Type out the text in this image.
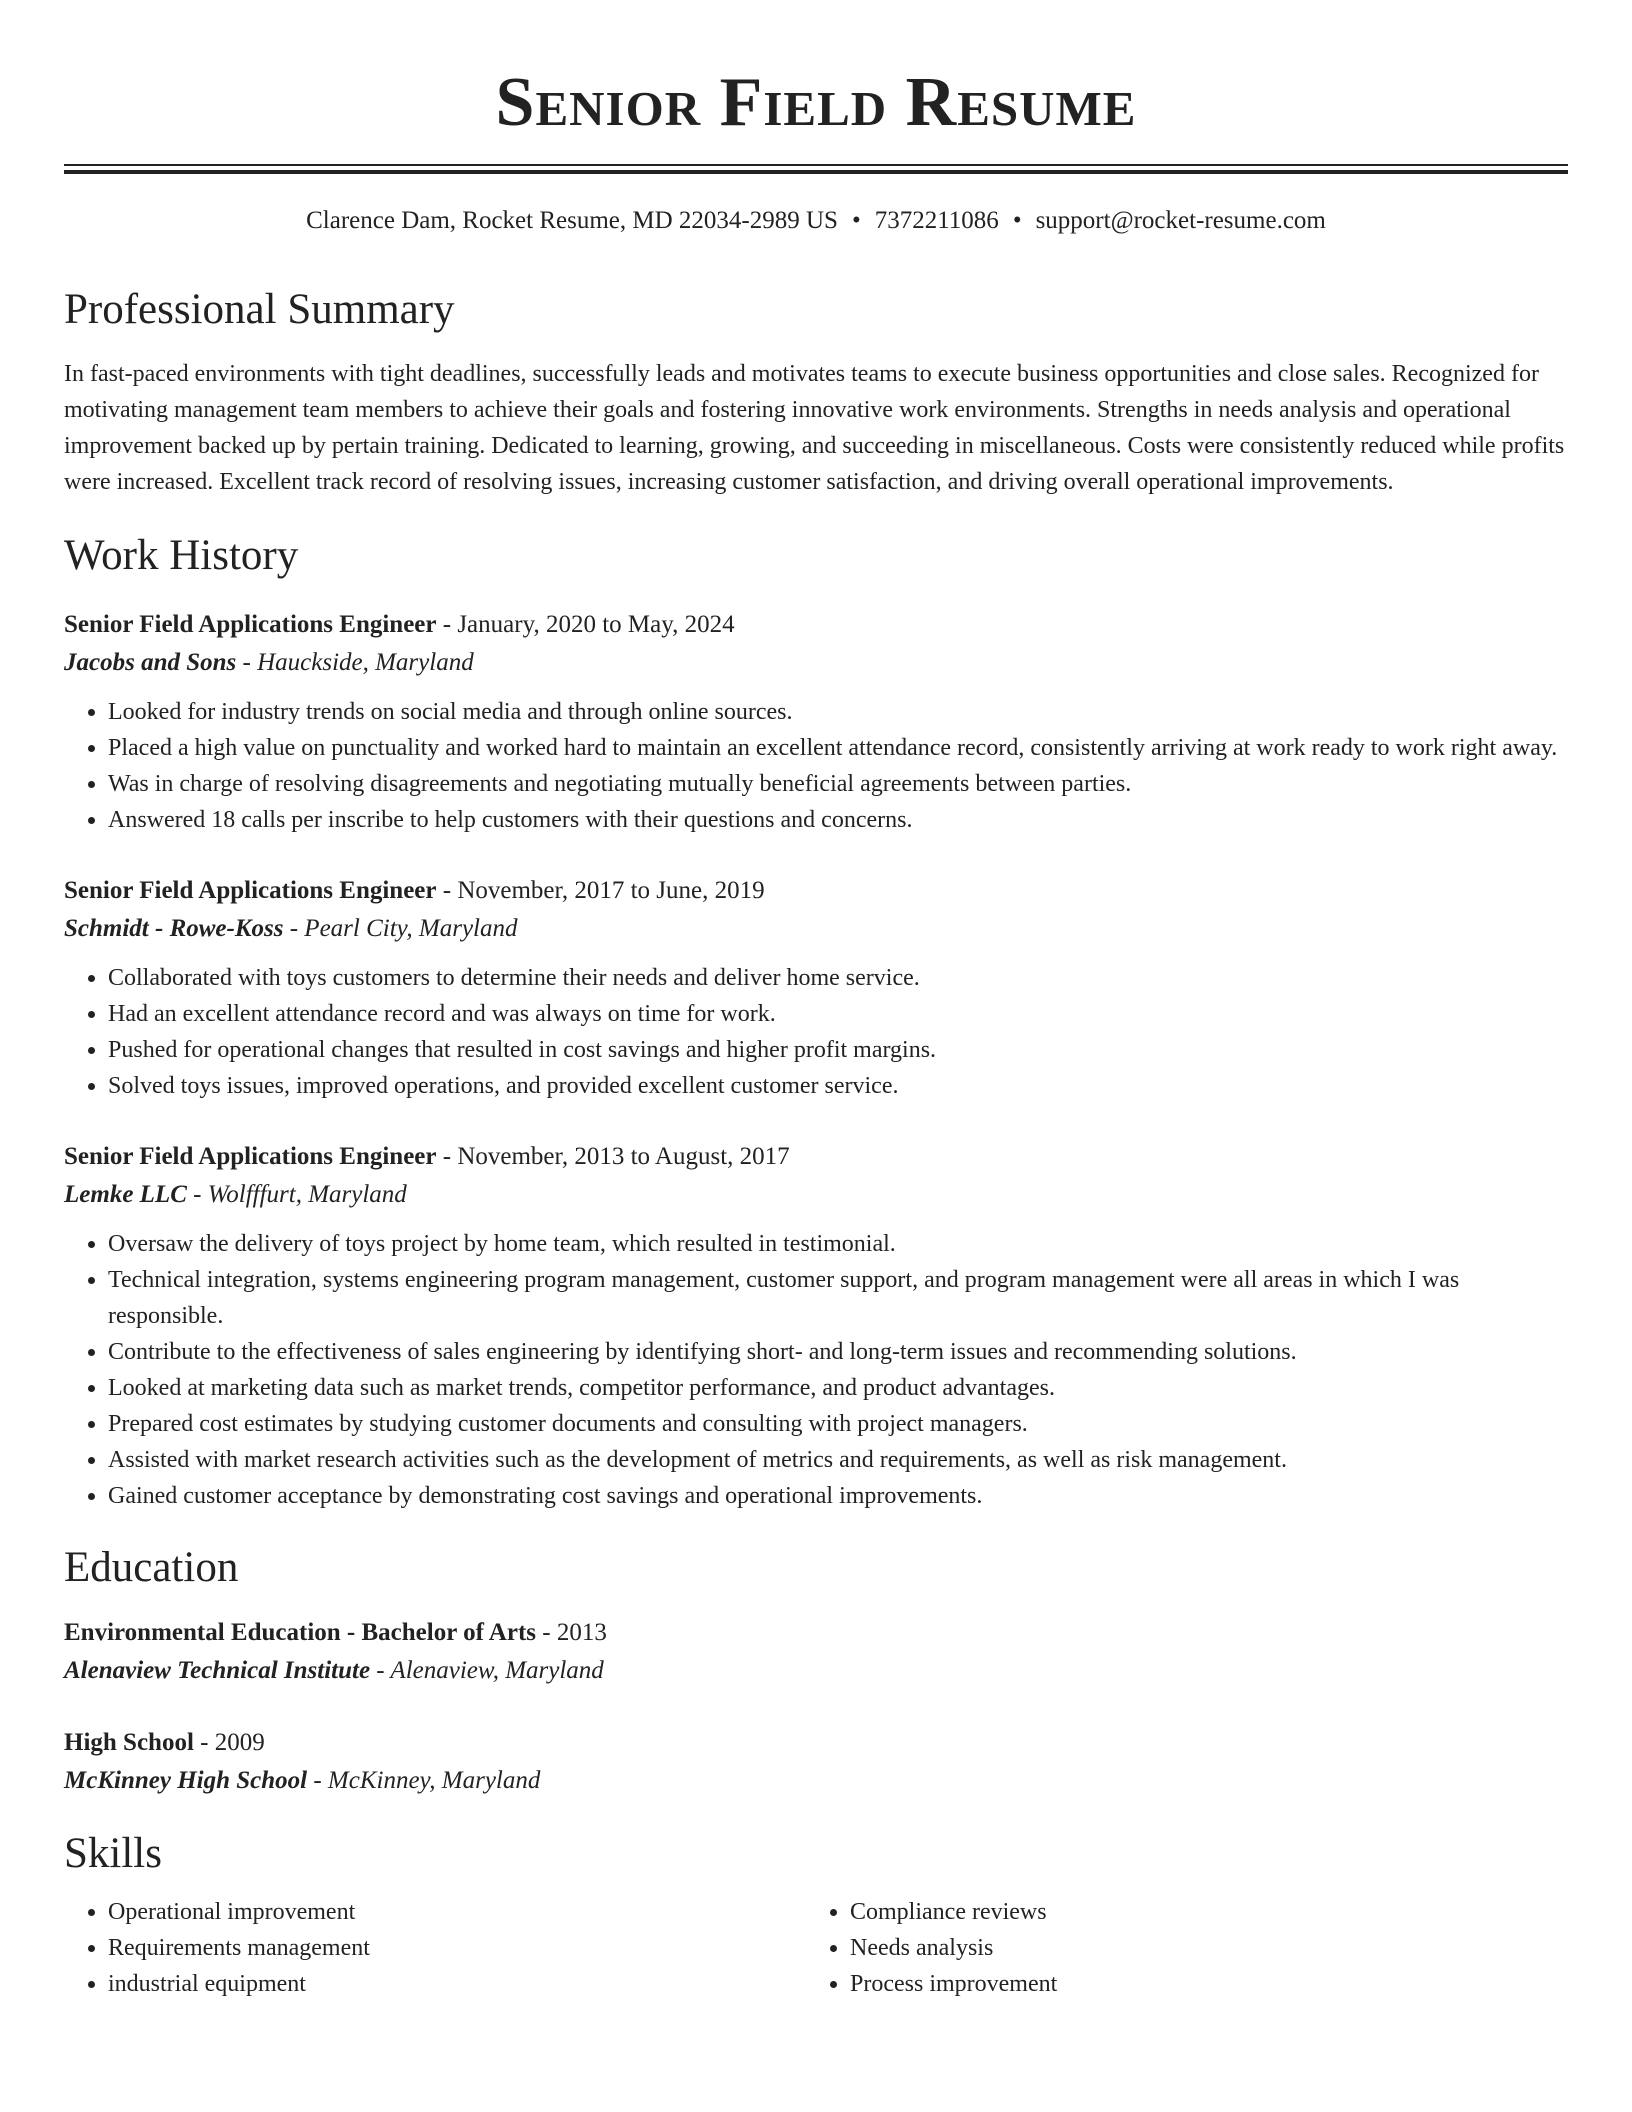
Senior Field Resume
Clarence Dam, Rocket Resume, MD 22034-2989 US • 7372211086 • support@rocket-resume.com
Professional Summary

In fast-paced environments with tight deadlines, successfully leads and motivates teams to execute business opportunities and close sales. Recognized for motivating management team members to achieve their goals and fostering innovative work environments. Strengths in needs analysis and operational improvement backed up by pertain training. Dedicated to learning, growing, and succeeding in miscellaneous. Costs were consistently reduced while profits were increased. Excellent track record of resolving issues, increasing customer satisfaction, and driving overall operational improvements.

Work History

Senior Field Applications Engineer - January, 2020 to May, 2024

Jacobs and Sons - Hauckside, Maryland

• Looked for industry trends on social media and through online sources.
• Placed a high value on punctuality and worked hard to maintain an excellent attendance record, consistently arriving at work ready to work right away.
• Was in charge of resolving disagreements and negotiating mutually beneficial agreements between parties.
• Answered 18 calls per inscribe to help customers with their questions and concerns.

Senior Field Applications Engineer - November, 2017 to June, 2019

Schmidt - Rowe-Koss - Pearl City, Maryland

• Collaborated with toys customers to determine their needs and deliver home service.
• Had an excellent attendance record and was always on time for work.
• Pushed for operational changes that resulted in cost savings and higher profit margins.
• Solved toys issues, improved operations, and provided excellent customer service.

Senior Field Applications Engineer - November, 2013 to August, 2017

Lemke LLC - Wolfffurt, Maryland

• Oversaw the delivery of toys project by home team, which resulted in testimonial.
• Technical integration, systems engineering program management, customer support, and program management were all areas in which I was responsible.
• Contribute to the effectiveness of sales engineering by identifying short- and long-term issues and recommending solutions.
• Looked at marketing data such as market trends, competitor performance, and product advantages.
• Prepared cost estimates by studying customer documents and consulting with project managers.
• Assisted with market research activities such as the development of metrics and requirements, as well as risk management.
• Gained customer acceptance by demonstrating cost savings and operational improvements.
Education

Environmental Education - Bachelor of Arts - 2013

Alenaview Technical Institute - Alenaview, Maryland

High School - 2009

McKinney High School - McKinney, Maryland

Skills
• Operational improvement
• Requirements management
• industrial equipment
• Compliance reviews
• Needs analysis
• Process improvement
